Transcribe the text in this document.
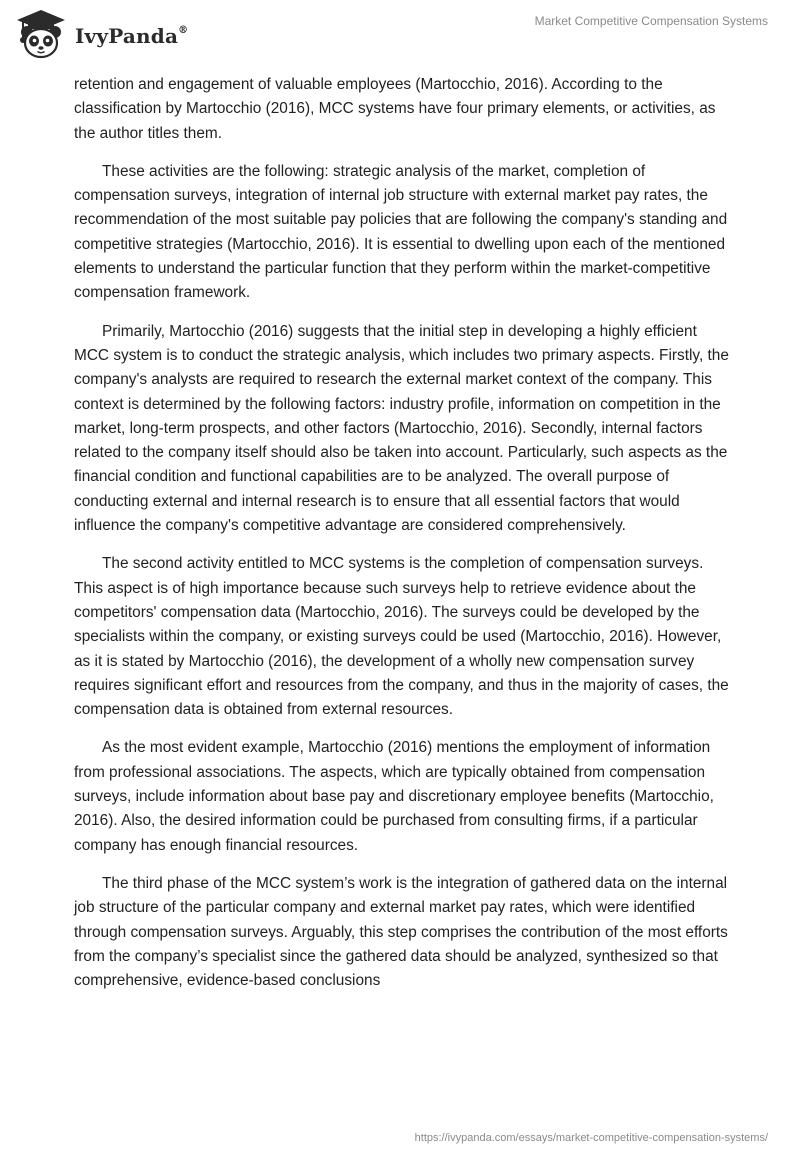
IvyPanda®
Market Competitive Compensation Systems

retention and engagement of valuable employees (Martocchio, 2016). According to the classification by Martocchio (2016), MCC systems have four primary elements, or activities, as the author titles them.

These activities are the following: strategic analysis of the market, completion of compensation surveys, integration of internal job structure with external market pay rates, the recommendation of the most suitable pay policies that are following the company's standing and competitive strategies (Martocchio, 2016). It is essential to dwelling upon each of the mentioned elements to understand the particular function that they perform within the market-competitive compensation framework.

Primarily, Martocchio (2016) suggests that the initial step in developing a highly efficient MCC system is to conduct the strategic analysis, which includes two primary aspects. Firstly, the company's analysts are required to research the external market context of the company. This context is determined by the following factors: industry profile, information on competition in the market, long-term prospects, and other factors (Martocchio, 2016). Secondly, internal factors related to the company itself should also be taken into account. Particularly, such aspects as the financial condition and functional capabilities are to be analyzed. The overall purpose of conducting external and internal research is to ensure that all essential factors that would influence the company's competitive advantage are considered comprehensively.

The second activity entitled to MCC systems is the completion of compensation surveys. This aspect is of high importance because such surveys help to retrieve evidence about the competitors' compensation data (Martocchio, 2016). The surveys could be developed by the specialists within the company, or existing surveys could be used (Martocchio, 2016). However, as it is stated by Martocchio (2016), the development of a wholly new compensation survey requires significant effort and resources from the company, and thus in the majority of cases, the compensation data is obtained from external resources.

As the most evident example, Martocchio (2016) mentions the employment of information from professional associations. The aspects, which are typically obtained from compensation surveys, include information about base pay and discretionary employee benefits (Martocchio, 2016). Also, the desired information could be purchased from consulting firms, if a particular company has enough financial resources.

The third phase of the MCC system’s work is the integration of gathered data on the internal job structure of the particular company and external market pay rates, which were identified through compensation surveys. Arguably, this step comprises the contribution of the most efforts from the company’s specialist since the gathered data should be analyzed, synthesized so that comprehensive, evidence-based conclusions

https://ivypanda.com/essays/market-competitive-compensation-systems/
